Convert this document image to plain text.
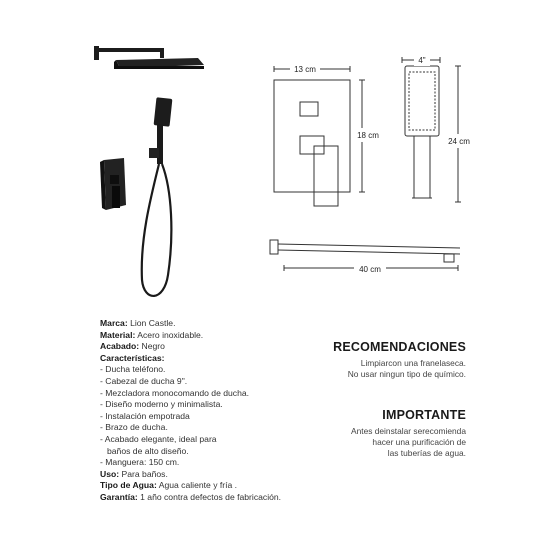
13 cm
18 cm
4"
24 cm
40 cm
Marca: Lion Castle.
Material: Acero inoxidable.
Acabado: Negro
Características:
- Ducha teléfono.
- Cabezal de ducha 9".
- Mezcladora monocomando de ducha.
- Diseño moderno y minimalista.
- Instalación empotrada
- Brazo de ducha.
- Acabado elegante, ideal para
baños de alto diseño.
- Manguera: 150 cm.
Uso: Para baños.
Tipo de Agua: Agua caliente y fría .
Garantía: 1 año contra defectos de fabricación.
RECOMENDACIONES
Limpiarcon una franelaseca.
No usar ningun tipo de químico.
IMPORTANTE
Antes deinstalar serecomienda
hacer una purificación de
las tuberías de agua.
